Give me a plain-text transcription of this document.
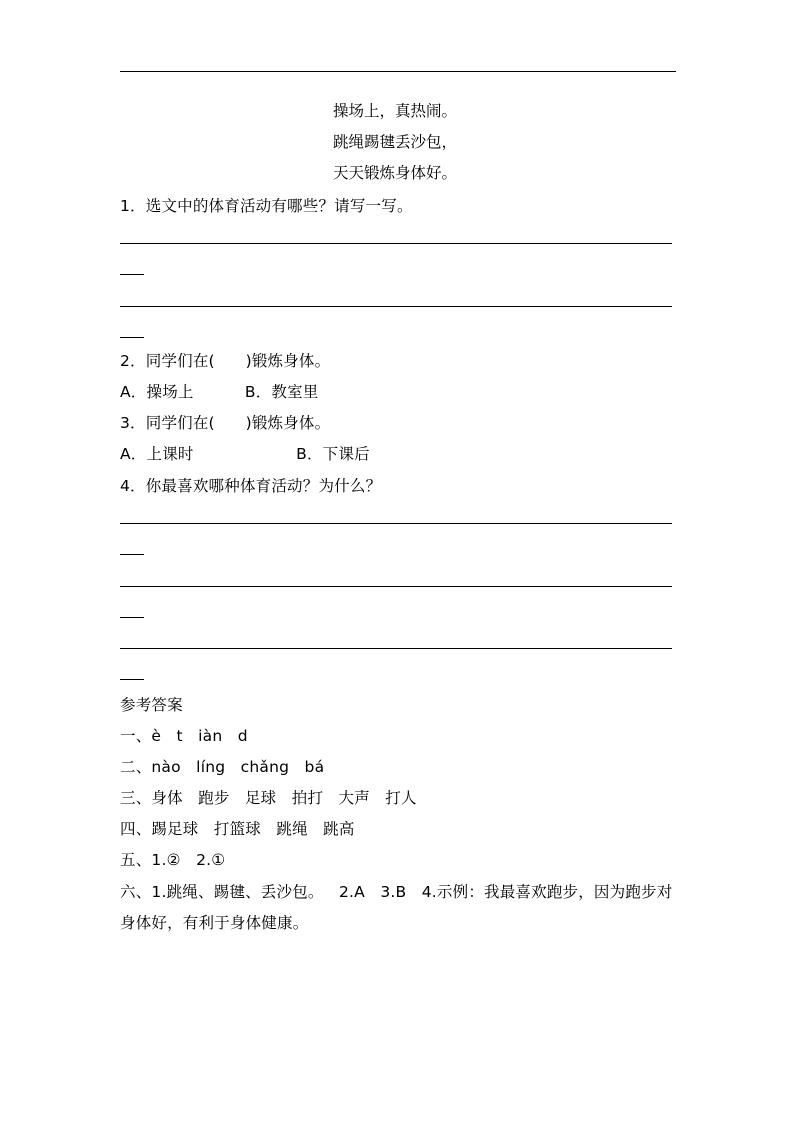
操场上，真热闹。
跳绳踢毽丢沙包，
天天锻炼身体好。
1．选文中的体育活动有哪些？请写一写。
2．同学们在(      )锻炼身体。
A．操场上          B．教室里
3．同学们在(      )锻炼身体。
A．上课时                    B．下课后
4．你最喜欢哪种体育活动？为什么？
参考答案
一、è   t   iàn   d
二、nào   líng   chǎng   bá
三、身体   跑步   足球   拍打   大声   打人
四、踢足球   打篮球   跳绳   跳高
五、1.②   2.①
六、1.跳绳、踢毽、丢沙包。   2.A   3.B   4.示例：我最喜欢跑步，因为跑步对
身体好，有利于身体健康。
